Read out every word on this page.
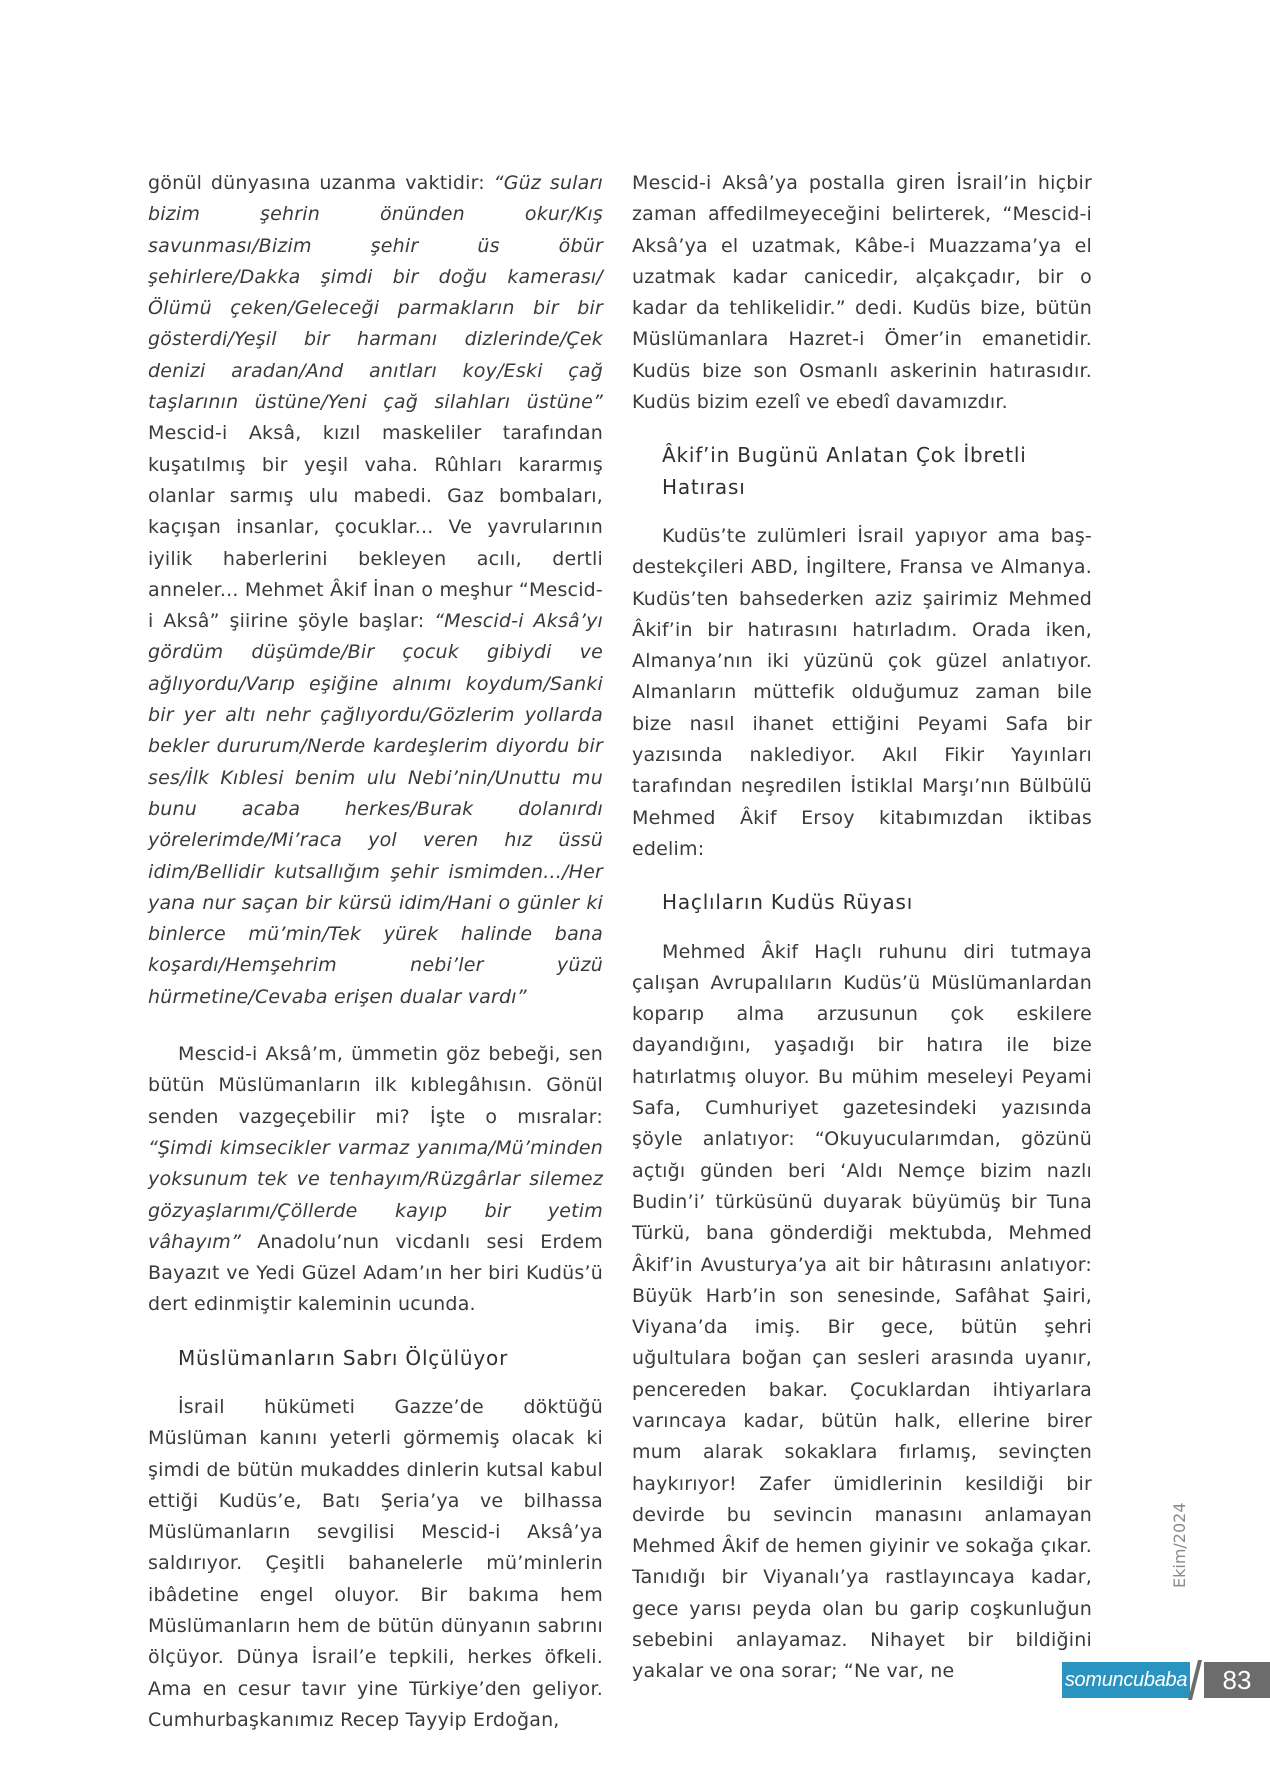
gönül dünyasına uzanma vaktidir: “Güz suları bizim şehrin önünden okur/Kış savunması/Bizim şehir üs öbür şehirlere/Dakka şimdi bir doğu kamerası/Ölümü çeken/Geleceği parmakların bir bir gösterdi/Yeşil bir harmanı dizlerinde/Çek denizi aradan/And anıtları koy/Eski çağ taşlarının üstüne/Yeni çağ silahları üstüne” Mescid-i Aksâ, kızıl maskeliler tarafından kuşatılmış bir yeşil vaha. Rûhları kararmış olanlar sarmış ulu mabedi. Gaz bombaları, kaçışan insanlar, çocuklar... Ve yavrularının iyilik haberlerini bekleyen acılı, dertli anneler... Mehmet Âkif İnan o meşhur “Mescid-i Aksâ” şiirine şöyle başlar: “Mescid-i Aksâ’yı gördüm düşümde/Bir çocuk gibiydi ve ağlıyordu/Varıp eşiğine alnımı koydum/Sanki bir yer altı nehr çağlıyordu/Gözlerim yollarda bekler dururum/Nerde kardeşlerim diyordu bir ses/İlk Kıblesi benim ulu Nebi’nin/Unuttu mu bunu acaba herkes/Burak dolanırdı yörelerimde/Mi’raca yol veren hız üssü idim/Bellidir kutsallığım şehir ismimden.../Her yana nur saçan bir kürsü idim/Hani o günler ki binlerce mü’min/Tek yürek halinde bana koşardı/Hemşehrim nebi’ler yüzü hürmetine/Cevaba erişen dualar vardı”

Mescid-i Aksâ’m, ümmetin göz bebeği, sen bütün Müslümanların ilk kıblegâhısın. Gönül senden vazgeçebilir mi? İşte o mısralar: “Şimdi kimsecikler varmaz yanıma/Mü’minden yoksunum tek ve tenhayım/Rüzgârlar silemez gözyaşlarımı/Çöllerde kayıp bir yetim vâhayım” Anadolu’nun vicdanlı sesi Erdem Bayazıt ve Yedi Güzel Adam’ın her biri Kudüs’ü dert edinmiştir kaleminin ucunda.

Müslümanların Sabrı Ölçülüyor

İsrail hükümeti Gazze’de döktüğü Müslüman kanını yeterli görmemiş olacak ki şimdi de bütün mukaddes dinlerin kutsal kabul ettiği Kudüs’e, Batı Şeria’ya ve bilhassa Müslümanların sevgilisi Mescid-i Aksâ’ya saldırıyor. Çeşitli bahanelerle mü’minlerin ibâdetine engel oluyor. Bir bakıma hem Müslümanların hem de bütün dünyanın sabrını ölçüyor. Dünya İsrail’e tepkili, herkes öfkeli. Ama en cesur tavır yine Türkiye’den geliyor. Cumhurbaşkanımız Recep Tayyip Erdoğan,

Mescid-i Aksâ’ya postalla giren İsrail’in hiçbir zaman affedilmeyeceğini belirterek, “Mescid-i Aksâ’ya el uzatmak, Kâbe-i Muazzama’ya el uzatmak kadar canicedir, alçakçadır, bir o kadar da tehlikelidir.” dedi. Kudüs bize, bütün Müslümanlara Hazret-i Ömer’in emanetidir. Kudüs bize son Osmanlı askerinin hatırasıdır. Kudüs bizim ezelî ve ebedî davamızdır.

Âkif’in Bugünü Anlatan Çok İbretli Hatırası

Kudüs’te zulümleri İsrail yapıyor ama baş-destekçileri ABD, İngiltere, Fransa ve Almanya. Kudüs’ten bahsederken aziz şairimiz Mehmed Âkif’in bir hatırasını hatırladım. Orada iken, Almanya’nın iki yüzünü çok güzel anlatıyor. Almanların müttefik olduğumuz zaman bile bize nasıl ihanet ettiğini Peyami Safa bir yazısında naklediyor. Akıl Fikir Yayınları tarafından neşredilen İstiklal Marşı’nın Bülbülü Mehmed Âkif Ersoy kitabımızdan iktibas edelim:

Haçlıların Kudüs Rüyası

Mehmed Âkif Haçlı ruhunu diri tutmaya çalışan Avrupalıların Kudüs’ü Müslümanlardan koparıp alma arzusunun çok eskilere dayandığını, yaşadığı bir hatıra ile bize hatırlatmış oluyor. Bu mühim meseleyi Peyami Safa, Cumhuriyet gazetesindeki yazısında şöyle anlatıyor: “Okuyucularımdan, gözünü açtığı günden beri ‘Aldı Nemçe bizim nazlı Budin’i’ türküsünü duyarak büyümüş bir Tuna Türkü, bana gönderdiği mektubda, Mehmed Âkif’in Avusturya’ya ait bir hâtırasını anlatıyor: Büyük Harb’in son senesinde, Safâhat Şairi, Viyana’da imiş. Bir gece, bütün şehri uğultulara boğan çan sesleri arasında uyanır, pencereden bakar. Çocuklardan ihtiyarlara varıncaya kadar, bütün halk, ellerine birer mum alarak sokaklara fırlamış, sevinçten haykırıyor! Zafer ümidlerinin kesildiği bir devirde bu sevincin manasını anlamayan Mehmed Âkif de hemen giyinir ve sokağa çıkar. Tanıdığı bir Viyanalı’ya rastlayıncaya kadar, gece yarısı peyda olan bu garip coşkunluğun sebebini anlayamaz. Nihayet bir bildiğini yakalar ve ona sorar; “Ne var, ne

Ekim/2024
somuncubaba	83
